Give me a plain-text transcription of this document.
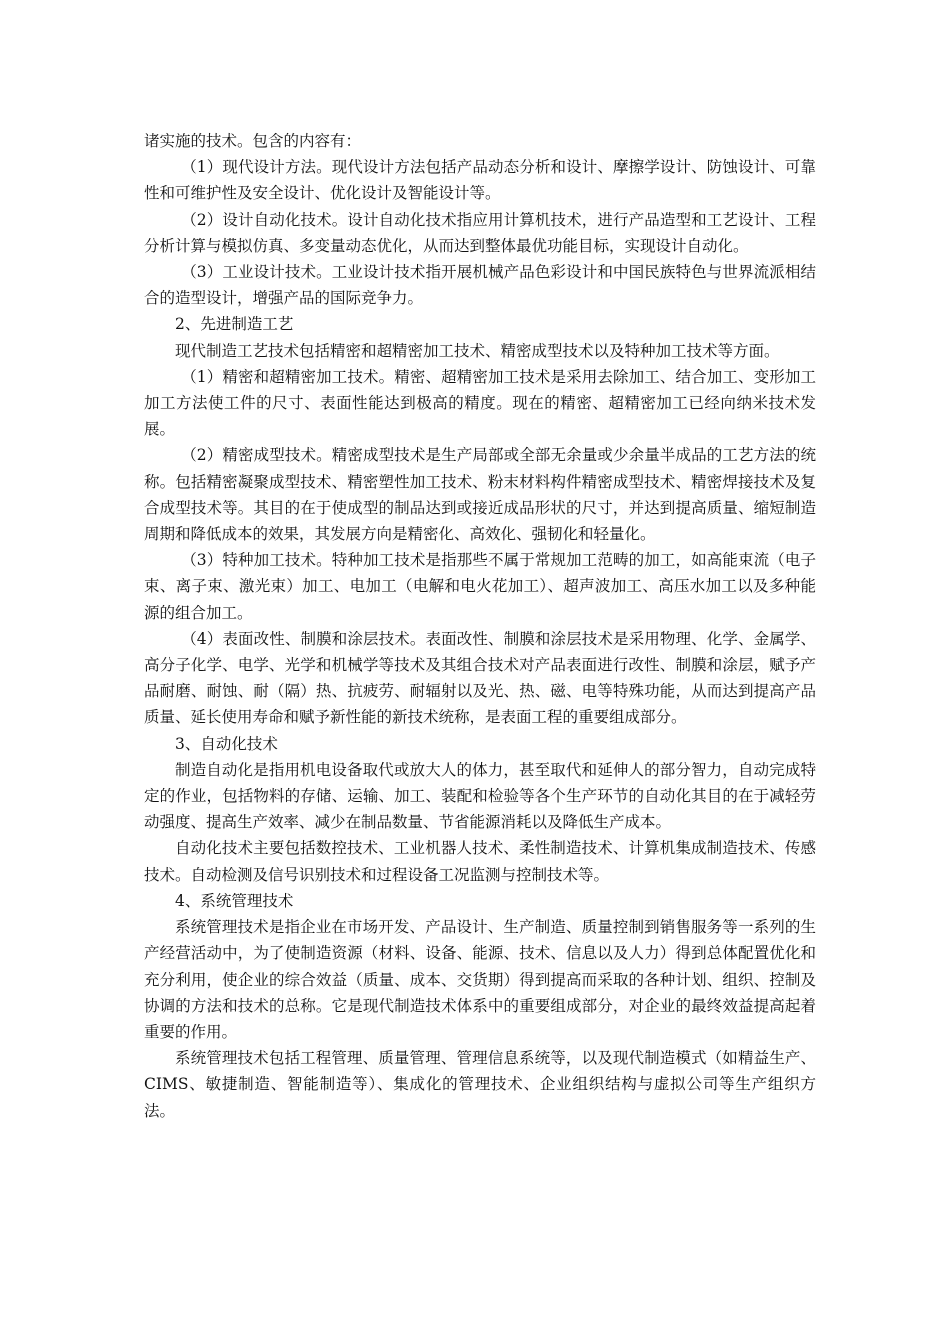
诸实施的技术。包含的内容有：

（1）现代设计方法。现代设计方法包括产品动态分析和设计、摩擦学设计、防蚀设计、可靠性和可维护性及安全设计、优化设计及智能设计等。

（2）设计自动化技术。设计自动化技术指应用计算机技术，进行产品造型和工艺设计、工程分析计算与模拟仿真、多变量动态优化，从而达到整体最优功能目标，实现设计自动化。

（3）工业设计技术。工业设计技术指开展机械产品色彩设计和中国民族特色与世界流派相结合的造型设计，增强产品的国际竞争力。

2、先进制造工艺

现代制造工艺技术包括精密和超精密加工技术、精密成型技术以及特种加工技术等方面。

（1）精密和超精密加工技术。精密、超精密加工技术是采用去除加工、结合加工、变形加工加工方法使工件的尺寸、表面性能达到极高的精度。现在的精密、超精密加工已经向纳米技术发展。

（2）精密成型技术。精密成型技术是生产局部或全部无余量或少余量半成品的工艺方法的统称。包括精密凝聚成型技术、精密塑性加工技术、粉末材料构件精密成型技术、精密焊接技术及复合成型技术等。其目的在于使成型的制品达到或接近成品形状的尺寸，并达到提高质量、缩短制造周期和降低成本的效果，其发展方向是精密化、高效化、强韧化和轻量化。

（3）特种加工技术。特种加工技术是指那些不属于常规加工范畴的加工，如高能束流（电子束、离子束、激光束）加工、电加工（电解和电火花加工）、超声波加工、高压水加工以及多种能源的组合加工。

（4）表面改性、制膜和涂层技术。表面改性、制膜和涂层技术是采用物理、化学、金属学、高分子化学、电学、光学和机械学等技术及其组合技术对产品表面进行改性、制膜和涂层，赋予产品耐磨、耐蚀、耐（隔）热、抗疲劳、耐辐射以及光、热、磁、电等特殊功能，从而达到提高产品质量、延长使用寿命和赋予新性能的新技术统称，是表面工程的重要组成部分。

3、自动化技术

制造自动化是指用机电设备取代或放大人的体力，甚至取代和延伸人的部分智力，自动完成特定的作业，包括物料的存储、运输、加工、装配和检验等各个生产环节的自动化其目的在于减轻劳动强度、提高生产效率、减少在制品数量、节省能源消耗以及降低生产成本。

自动化技术主要包括数控技术、工业机器人技术、柔性制造技术、计算机集成制造技术、传感技术。自动检测及信号识别技术和过程设备工况监测与控制技术等。

4、系统管理技术

系统管理技术是指企业在市场开发、产品设计、生产制造、质量控制到销售服务等一系列的生产经营活动中，为了使制造资源（材料、设备、能源、技术、信息以及人力）得到总体配置优化和充分利用，使企业的综合效益（质量、成本、交货期）得到提高而采取的各种计划、组织、控制及协调的方法和技术的总称。它是现代制造技术体系中的重要组成部分，对企业的最终效益提高起着重要的作用。

系统管理技术包括工程管理、质量管理、管理信息系统等，以及现代制造模式（如精益生产、CIMS、敏捷制造、智能制造等）、集成化的管理技术、企业组织结构与虚拟公司等生产组织方法。
